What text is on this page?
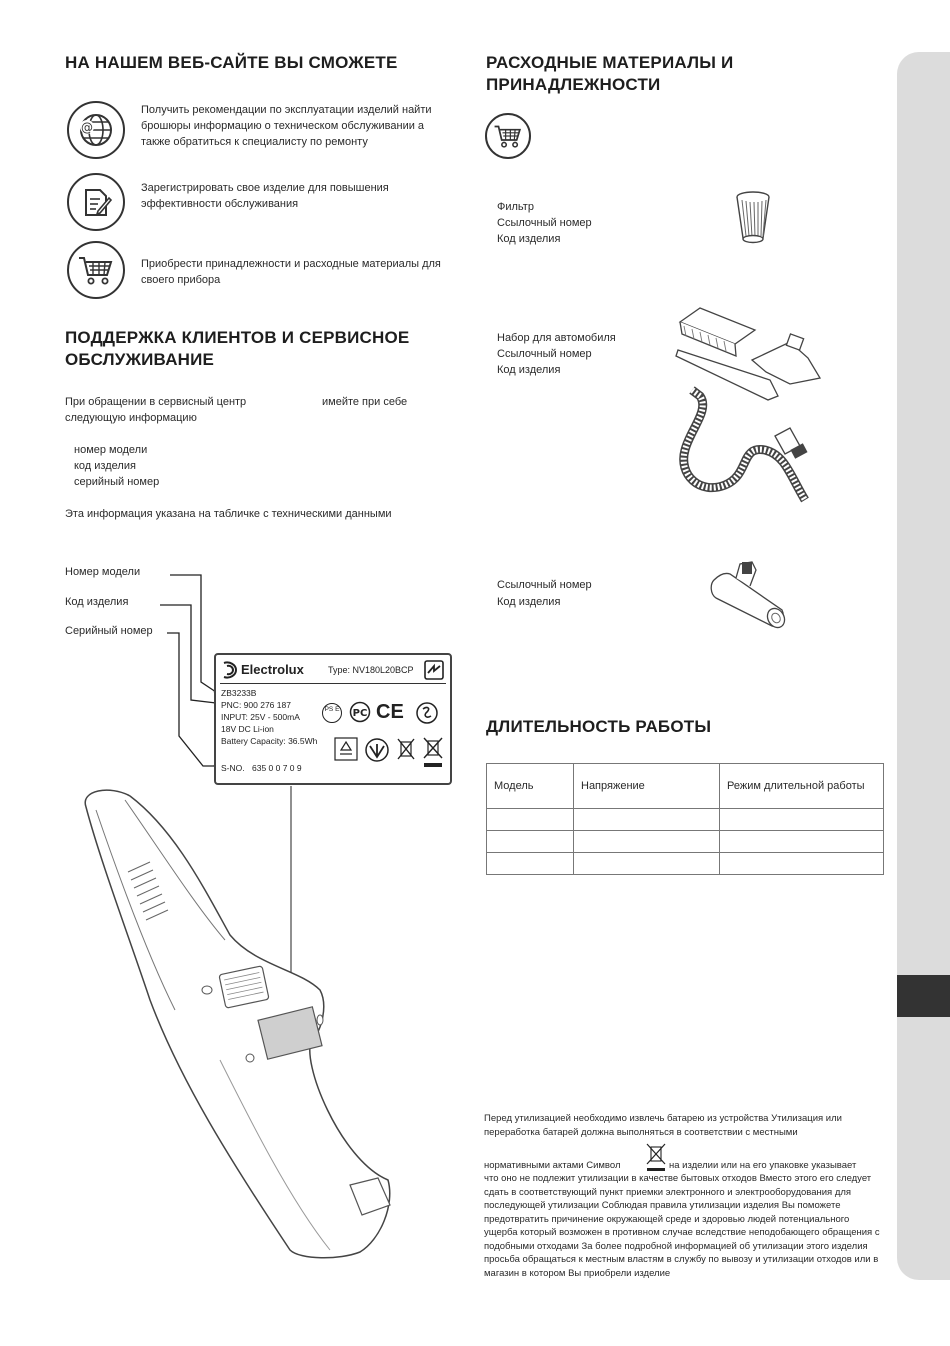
НА НАШЕМ ВЕБ-САЙТЕ ВЫ СМОЖЕТЕ
@
Получить рекомендации по эксплуатации изделий найти брошюры информацию о техническом обслуживании а также обратиться к специалисту по ремонту
Зарегистрировать свое изделие для повышения эффективности обслуживания
Приобрести принадлежности и расходные материалы для своего прибора
ПОДДЕРЖКА КЛИЕНТОВ И СЕРВИСНОЕ
ОБСЛУЖИВАНИЕ
При обращении в сервисный центр	имейте при себе
следующую информацию
номер модели
код изделия
серийный номер
Эта информация указана на табличке с техническими данными
Номер модели
Код изделия
Серийный номер
Electrolux	Type: NV180L20BCP
ZB3233B
PNC: 900 276 187
INPUT: 25V - 500mA
18V DC Li-ion
Battery Capacity: 36.5Wh
S-NO. 635 0 0 7 0 9
PS E РС CE
РАСХОДНЫЕ МАТЕРИАЛЫ И
ПРИНАДЛЕЖНОСТИ
Фильтр
Ссылочный номер
Код изделия
Набор для автомобиля
Ссылочный номер
Код изделия
Ссылочный номер
Код изделия
ДЛИТЕЛЬНОСТЬ РАБОТЫ
Модель	Напряжение	Режим длительной работы

Перед утилизацией необходимо извлечь батарею из устройства Утилизация или переработка батарей должна выполняться в соответствии с местными
нормативными актами Символ	на изделии или на его упаковке указывает
что оно не подлежит утилизации в качестве бытовых отходов Вместо этого его следует сдать в соответствующий пункт приемки электронного и электрооборудования для последующей утилизации Соблюдая правила утилизации изделия Вы поможете предотвратить причинение окружающей среде и здоровью людей потенциального ущерба который возможен в противном случае вследствие неподобающего обращения с подобными отходами За более подробной информацией об утилизации этого изделия просьба обращаться к местным властям в службу по вывозу и утилизации отходов или в магазин в котором Вы приобрели изделие
